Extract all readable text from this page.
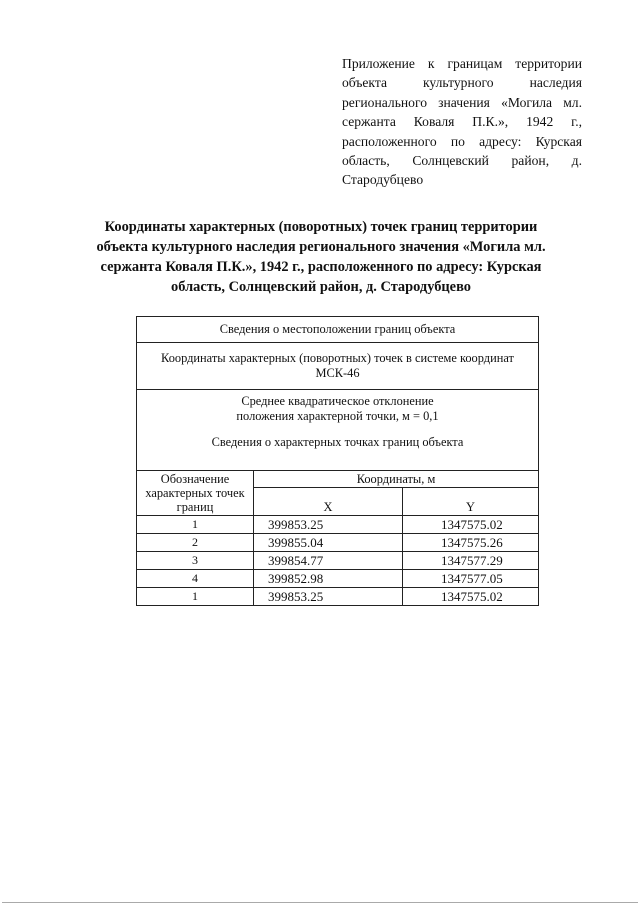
Приложение к границам территории объекта культурного наследия регионального значения «Могила мл. сержанта Коваля П.К.», 1942 г., расположенного по адресу: Курская область, Солнцевский район, д. Стародубцево
Координаты характерных (поворотных) точек границ территории объекта культурного наследия регионального значения «Могила мл. сержанта Коваля П.К.», 1942 г., расположенного по адресу: Курская область, Солнцевский район, д. Стародубцево
Сведения о местоположении границ объекта		

Координаты характерных (поворотных) точек в системе координат
МСК-46		

Среднее квадратическое отклонение
положения характерной точки, м = 0,1
Сведения о характерных точках границ объекта		

Обозначение характерных точек границ	Координаты, м	
	X	Y
1	399853.25	1347575.02
2	399855.04	1347575.26
3	399854.77	1347577.29
4	399852.98	1347577.05
1	399853.25	1347575.02
